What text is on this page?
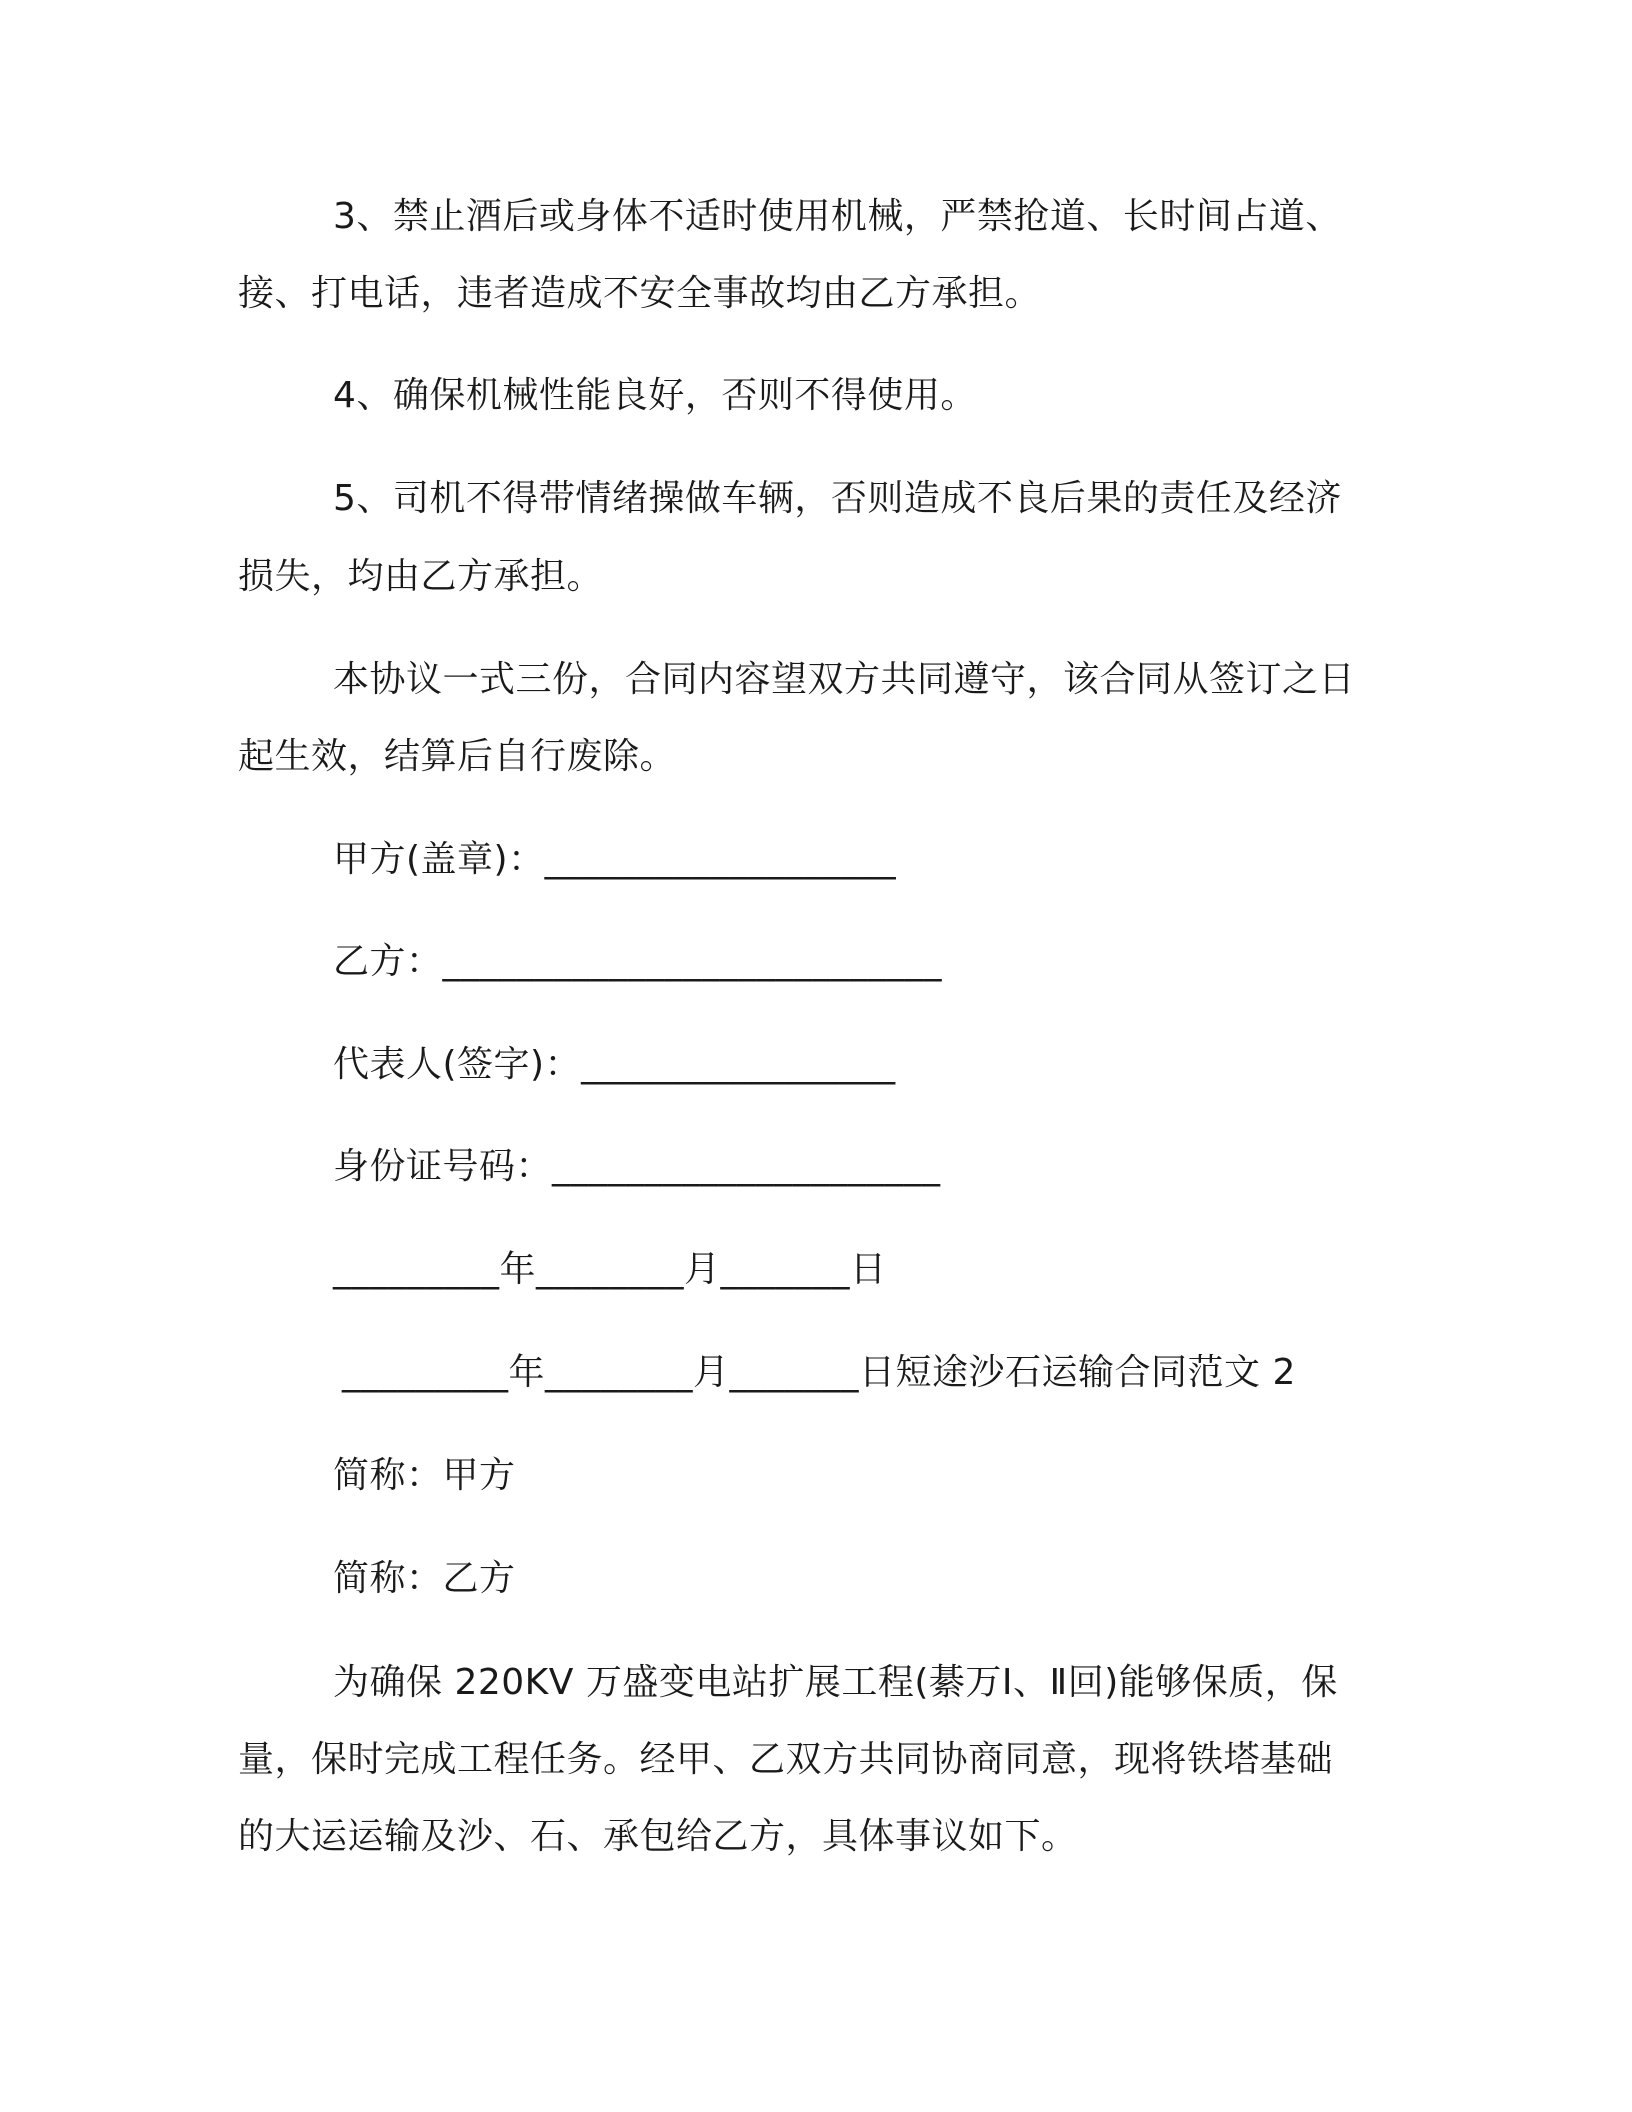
3、禁止酒后或身体不适时使用机械，严禁抢道、长时间占道、
接、打电话，违者造成不安全事故均由乙方承担。
4、确保机械性能良好，否则不得使用。
5、司机不得带情绪操做车辆，否则造成不良后果的责任及经济
损失，均由乙方承担。
本协议一式三份，合同内容望双方共同遵守，该合同从签订之日
起生效，结算后自行废除。
甲方(盖章)：___________________
乙方：___________________________
代表人(签字)：_________________
身份证号码：_____________________
_________年________月_______日
_________年________月_______日短途沙石运输合同范文 2
简称：甲方
简称：乙方
为确保 220KV 万盛变电站扩展工程(綦万Ⅰ、Ⅱ回)能够保质，保
量，保时完成工程任务。经甲、乙双方共同协商同意，现将铁塔基础
的大运运输及沙、石、承包给乙方，具体事议如下。
